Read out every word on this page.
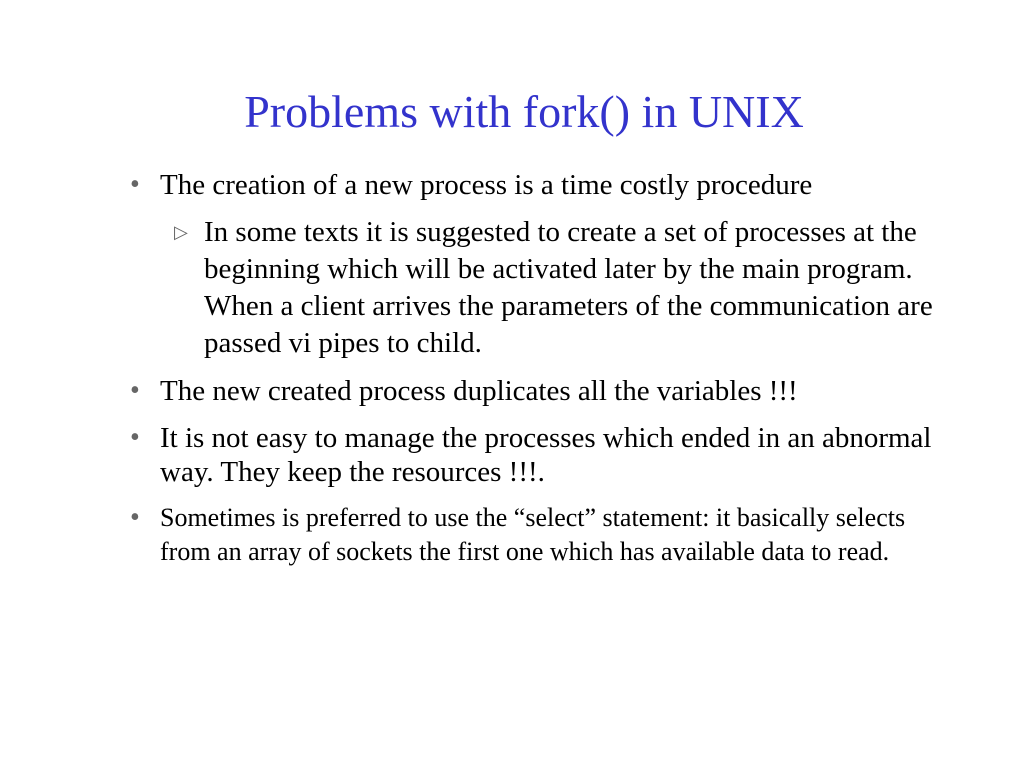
Problems with fork() in UNIX

• The creation of a new process is a time costly procedure

▷ In some texts it is suggested to create a set of processes at the beginning which will be activated later by the main program. When a client arrives the parameters of the communication are passed vi pipes to child.

• The new created process duplicates all the variables !!!

• It is not easy to manage the processes which ended in an abnormal way. They keep the resources !!!.

• Sometimes is preferred to use the “select” statement: it basically selects from an array of sockets the first one which has available data to read.
